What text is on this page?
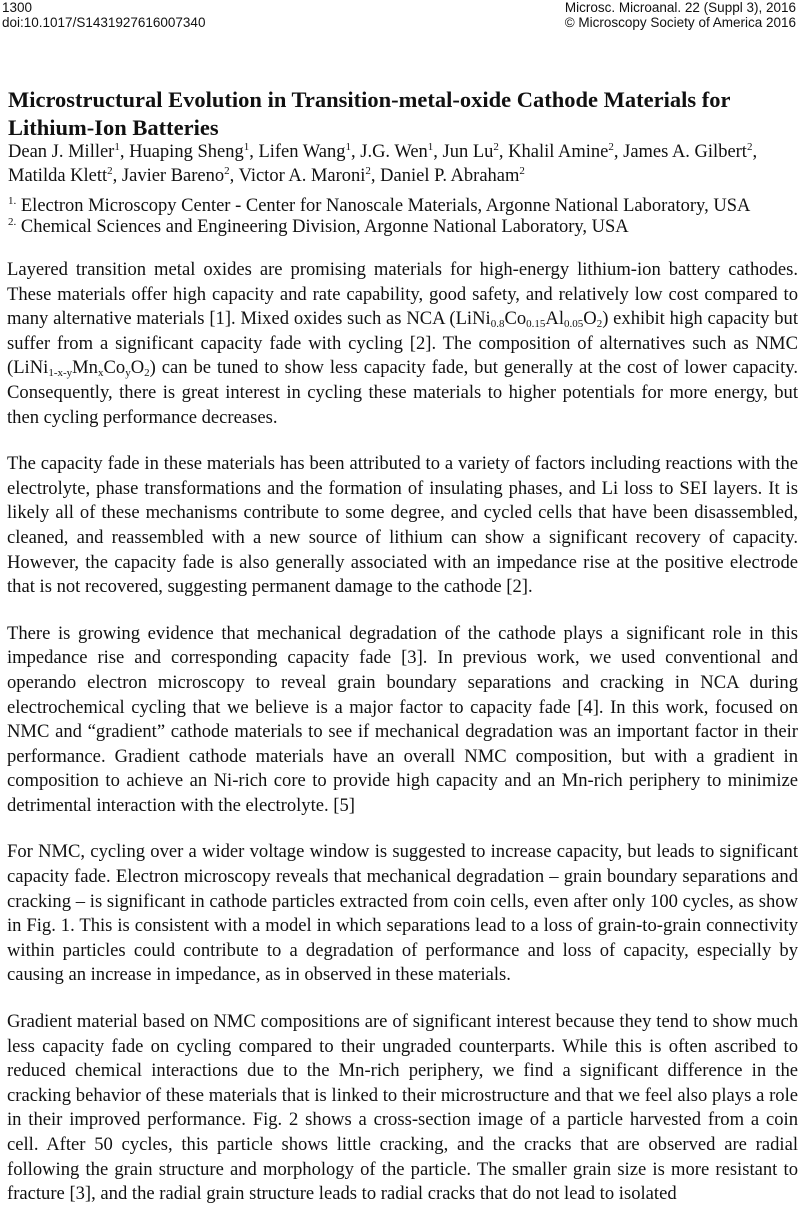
1300
doi:10.1017/S1431927616007340
Microsc. Microanal. 22 (Suppl 3), 2016
© Microscopy Society of America 2016
Microstructural Evolution in Transition-metal-oxide Cathode Materials for Lithium-Ion Batteries
Dean J. Miller$^1$, Huaping Sheng$^1$, Lifen Wang$^1$, J.G. Wen$^1$, Jun Lu$^2$, Khalil Amine$^2$, James A. Gilbert$^2$,
Matilda Klett$^2$, Javier Bareno$^2$, Victor A. Maroni$^2$, Daniel P. Abraham$^2$
$^{1.}$ Electron Microscopy Center - Center for Nanoscale Materials, Argonne National Laboratory, USA
$^{2.}$ Chemical Sciences and Engineering Division, Argonne National Laboratory, USA

Layered transition metal oxides are promising materials for high-energy lithium-ion battery cathodes. These materials offer high capacity and rate capability, good safety, and relatively low cost compared to many alternative materials [1]. Mixed oxides such as NCA $(LiNi_{0.8}Co_{0.15}Al_{0.05}O_2)$ exhibit high capacity but suffer from a significant capacity fade with cycling [2]. The composition of alternatives such as NMC $(LiNi_{1-x-y}Mn_xCo_yO_2)$ can be tuned to show less capacity fade, but generally at the cost of lower capacity. Consequently, there is great interest in cycling these materials to higher potentials for more energy, but then cycling performance decreases.

The capacity fade in these materials has been attributed to a variety of factors including reactions with the electrolyte, phase transformations and the formation of insulating phases, and Li loss to SEI layers. It is likely all of these mechanisms contribute to some degree, and cycled cells that have been disassembled, cleaned, and reassembled with a new source of lithium can show a significant recovery of capacity. However, the capacity fade is also generally associated with an impedance rise at the positive electrode that is not recovered, suggesting permanent damage to the cathode [2].

There is growing evidence that mechanical degradation of the cathode plays a significant role in this impedance rise and corresponding capacity fade [3]. In previous work, we used conventional and operando electron microscopy to reveal grain boundary separations and cracking in NCA during electrochemical cycling that we believe is a major factor to capacity fade [4]. In this work, focused on NMC and “gradient” cathode materials to see if mechanical degradation was an important factor in their performance. Gradient cathode materials have an overall NMC composition, but with a gradient in composition to achieve an Ni-rich core to provide high capacity and an Mn-rich periphery to minimize detrimental interaction with the electrolyte. [5]

For NMC, cycling over a wider voltage window is suggested to increase capacity, but leads to significant capacity fade. Electron microscopy reveals that mechanical degradation – grain boundary separations and cracking – is significant in cathode particles extracted from coin cells, even after only 100 cycles, as show in Fig. 1. This is consistent with a model in which separations lead to a loss of grain-to-grain connectivity within particles could contribute to a degradation of performance and loss of capacity, especially by causing an increase in impedance, as in observed in these materials.

Gradient material based on NMC compositions are of significant interest because they tend to show much less capacity fade on cycling compared to their ungraded counterparts. While this is often ascribed to reduced chemical interactions due to the Mn-rich periphery, we find a significant difference in the cracking behavior of these materials that is linked to their microstructure and that we feel also plays a role in their improved performance. Fig. 2 shows a cross-section image of a particle harvested from a coin cell. After 50 cycles, this particle shows little cracking, and the cracks that are observed are radial following the grain structure and morphology of the particle. The smaller grain size is more resistant to fracture [3], and the radial grain structure leads to radial cracks that do not lead to isolated
